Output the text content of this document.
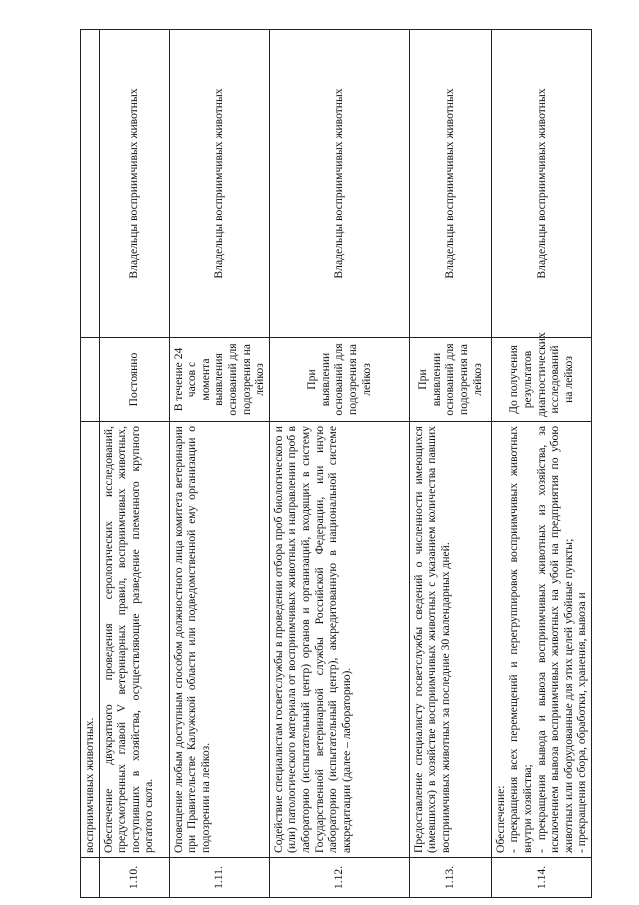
	восприимчивых животных.		
1.10.	Обеспечение двукратного проведения серологических исследований, предусмотренных главой V ветеринарных правил, восприимчивых животных, поступивших в хозяйства, осуществляющие разведение племенного крупного рогатого скота.	Постоянно	Владельцы восприимчивых животных
1.11.	Оповещение любым доступным способом должностного лица комитета ветеринарии при Правительстве Калужской области или подведомственной ему организации о подозрении на лейкоз.	В течение 24 часов с момента выявления оснований для подозрения на лейкоз	Владельцы восприимчивых животных
1.12.	Содействие специалистам госветслужбы в проведении отбора проб биологического и (или) патологического материала от восприимчивых животных и направлении проб в лабораторию (испытательный центр) органов и организаций, входящих в систему Государственной ветеринарной службы Российской Федерации, или иную лабораторию (испытательный центр), аккредитованную в национальной системе аккредитации (далее – лабораторию).	При выявлении оснований для подозрения на лейкоз	Владельцы восприимчивых животных
1.13.	Предоставление специалисту госветслужбы сведений о численности имеющихся (имевшихся) в хозяйстве восприимчивых животных с указанием количества павших восприимчивых животных за последние 30 календарных дней.	При выявлении оснований для подозрения на лейкоз	Владельцы восприимчивых животных
1.14.	Обеспечение: - прекращения всех перемещений и перегруппировок восприимчивых животных внутри хозяйства; - прекращения вывода и вывоза восприимчивых животных из хозяйства, за исключением вывоза восприимчивых животных на убой на предприятия по убою животных или оборудованные для этих целей убойные пункты; - прекращения сбора, обработки, хранения, вывоза и	До получения результатов диагностических исследований на лейкоз	Владельцы восприимчивых животных
